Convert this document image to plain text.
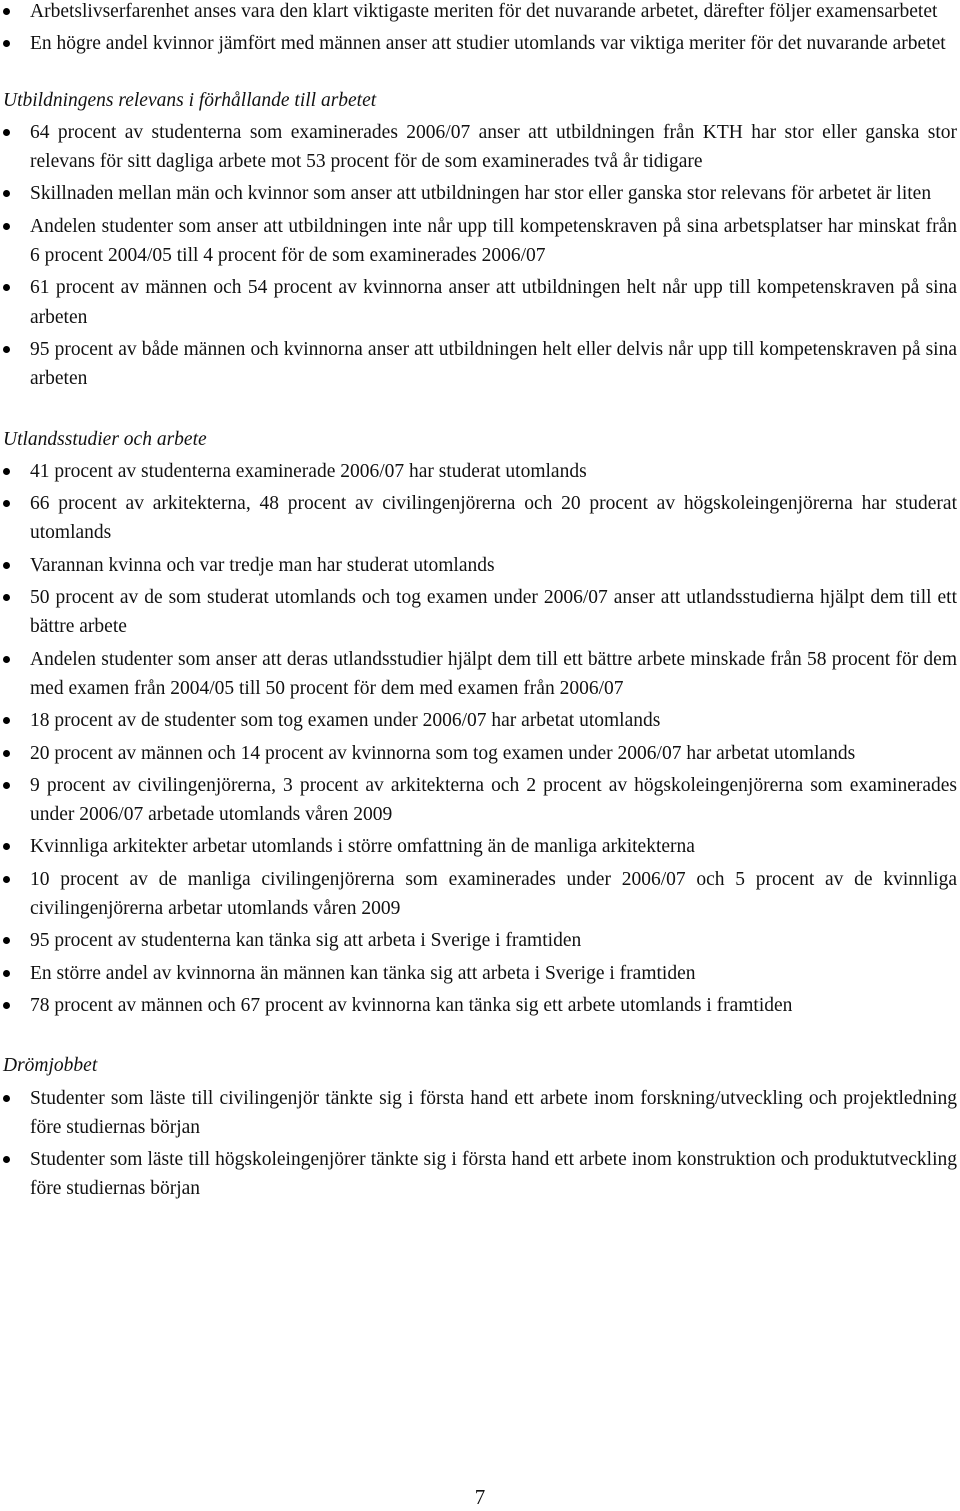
Arbetslivserfarenhet anses vara den klart viktigaste meriten för det nuvarande arbetet, därefter följer examensarbetet
En högre andel kvinnor jämfört med männen anser att studier utomlands var viktiga meriter för det nuvarande arbetet
Utbildningens relevans i förhållande till arbetet
64 procent av studenterna som examinerades 2006/07 anser att utbildningen från KTH har stor eller ganska stor relevans för sitt dagliga arbete mot 53 procent för de som examinerades två år tidigare
Skillnaden mellan män och kvinnor som anser att utbildningen har stor eller ganska stor relevans för arbetet är liten
Andelen studenter som anser att utbildningen inte når upp till kompetenskraven på sina arbetsplatser har minskat från 6 procent 2004/05 till 4 procent för de som examinerades 2006/07
61 procent av männen och 54 procent av kvinnorna anser att utbildningen helt når upp till kompetenskraven på sina arbeten
95 procent av både männen och kvinnorna anser att utbildningen helt eller delvis når upp till kompetenskraven på sina arbeten
Utlandsstudier och arbete
41 procent av studenterna examinerade 2006/07 har studerat utomlands
66 procent av arkitekterna, 48 procent av civilingenjörerna och 20 procent av högskoleingenjörerna har studerat utomlands
Varannan kvinna och var tredje man har studerat utomlands
50 procent av de som studerat utomlands och tog examen under 2006/07 anser att utlandsstudierna hjälpt dem till ett bättre arbete
Andelen studenter som anser att deras utlandsstudier hjälpt dem till ett bättre arbete minskade från 58 procent för dem med examen från 2004/05 till 50 procent för dem med examen från 2006/07
18 procent av de studenter som tog examen under 2006/07 har arbetat utomlands
20 procent av männen och 14 procent av kvinnorna som tog examen under 2006/07 har arbetat utomlands
9 procent av civilingenjörerna, 3 procent av arkitekterna och 2 procent av högskoleingenjörerna som examinerades under 2006/07 arbetade utomlands våren 2009
Kvinnliga arkitekter arbetar utomlands i större omfattning än de manliga arkitekterna
10 procent av de manliga civilingenjörerna som examinerades under 2006/07 och 5 procent av de kvinnliga civilingenjörerna arbetar utomlands våren 2009
95 procent av studenterna kan tänka sig att arbeta i Sverige i framtiden
En större andel av kvinnorna än männen kan tänka sig att arbeta i Sverige i framtiden
78 procent av männen och 67 procent av kvinnorna kan tänka sig ett arbete utomlands i framtiden
Drömjobbet
Studenter som läste till civilingenjör tänkte sig i första hand ett arbete inom forskning/utveckling och projektledning före studiernas början
Studenter som läste till högskoleingenjörer tänkte sig i första hand ett arbete inom konstruktion och produktutveckling före studiernas början
7
